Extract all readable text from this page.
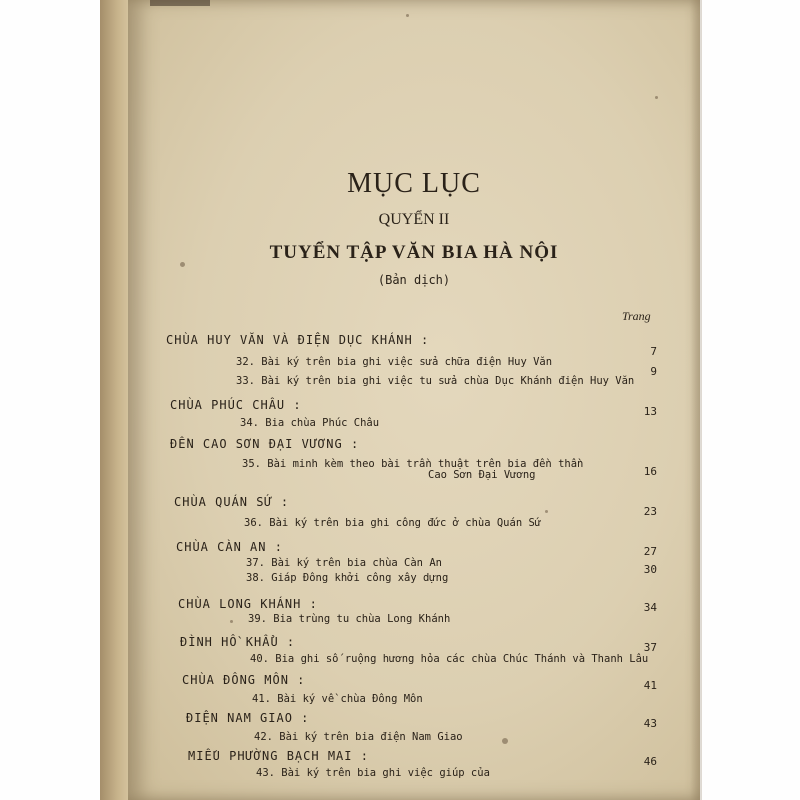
MỤC LỤC
QUYỂN II
TUYỂN TẬP VĂN BIA HÀ NỘI
(Bản dịch)
Trang
CHÙA HUY VĂN VÀ ĐIỆN DỤC KHÁNH :
CHÙA PHÚC CHÂU :
ĐỀN CAO SƠN ĐẠI VƯƠNG :
CHÙA QUÁN SỨ :
CHÙA CÀN AN :
CHÙA LONG KHÁNH :
ĐÌNH HỒ KHẨU :
CHÙA ĐÔNG MÔN :
ĐIỆN NAM GIAO :
MIẾU PHƯỜNG BẠCH MAI :
32. Bài ký trên bia ghi việc sửa chữa điện Huy Văn
33. Bài ký trên bia ghi việc tu sửa chùa Dục Khánh điện Huy Văn
34. Bia chùa Phúc Châu
35. Bài minh kèm theo bài trần thuật trên bia đền thần
Cao Sơn Đại Vương
36. Bài ký trên bia ghi công đức ở chùa Quán Sứ
37. Bài ký trên bia chùa Càn An
38. Giáp Đông khởi công xây dựng
39. Bia trùng tu chùa Long Khánh
40. Bia ghi số ruộng hương hỏa các chùa Chúc Thánh và Thanh Lâu
41. Bài ký về chùa Đông Môn
42. Bài ký trên bia điện Nam Giao
43. Bài ký trên bia ghi việc giúp của
7
9
13
16
23
27
30
34
37
41
43
46
